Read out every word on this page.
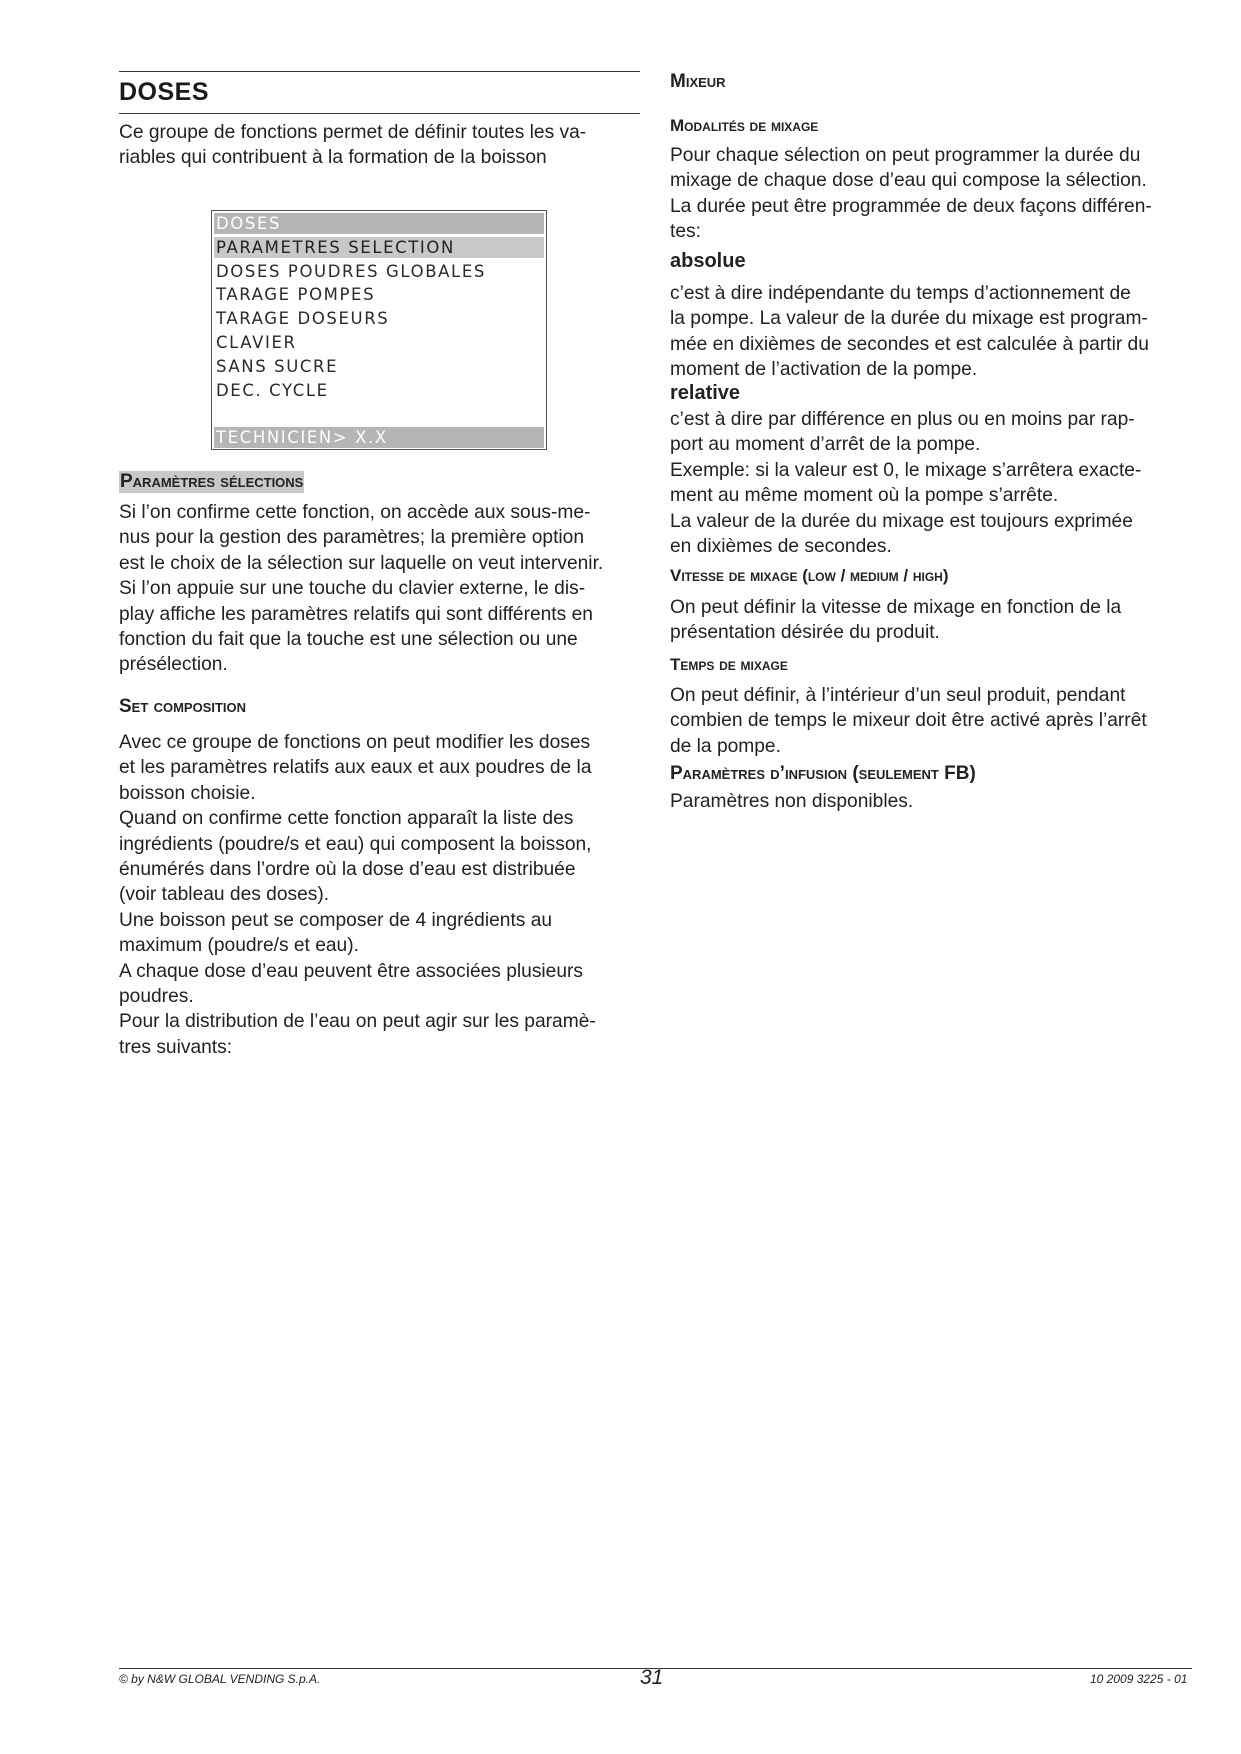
DOSES

Ce groupe de fonctions permet de définir toutes les va-
riables qui contribuent à la formation de la boisson

DOSES
PARAMETRES SELECTION
DOSES POUDRES GLOBALES
TARAGE POMPES
TARAGE DOSEURS
CLAVIER
SANS SUCRE
DEC. CYCLE
TECHNICIEN> X.X
Paramètres sélections

Si l’on confirme cette fonction, on accède aux sous-me-
nus pour la gestion des paramètres; la première option
est le choix de la sélection sur laquelle on veut intervenir.
Si l’on appuie sur une touche du clavier externe, le dis-
play affiche les paramètres relatifs qui sont différents en
fonction du fait que la touche est une sélection ou une
présélection.

Set composition

Avec ce groupe de fonctions on peut modifier les doses
et les paramètres relatifs aux eaux et aux poudres de la
boisson choisie.
Quand on confirme cette fonction apparaît la liste des
ingrédients (poudre/s et eau) qui composent la boisson,
énumérés dans l’ordre où la dose d’eau est distribuée
(voir tableau des doses).
Une boisson peut se composer de 4 ingrédients au
maximum (poudre/s et eau).
A chaque dose d’eau peuvent être associées plusieurs
poudres.
Pour la distribution de l’eau on peut agir sur les paramè-
tres suivants:

Mixeur
Modalités de mixage

Pour chaque sélection on peut programmer la durée du
mixage de chaque dose d’eau qui compose la sélection.
La durée peut être programmée de deux façons différen-
tes:

absolue

c’est à dire indépendante du temps d’actionnement de
la pompe. La valeur de la durée du mixage est program-
mée en dixièmes de secondes et est calculée à partir du
moment de l’activation de la pompe.

relative

c’est à dire par différence en plus ou en moins par rap-
port au moment d’arrêt de la pompe.
Exemple: si la valeur est 0, le mixage s’arrêtera exacte-
ment au même moment où la pompe s’arrête.
La valeur de la durée du mixage est toujours exprimée
en dixièmes de secondes.

Vitesse de mixage (low / medium / high)

On peut définir la vitesse de mixage en fonction de la
présentation désirée du produit.

Temps de mixage

On peut définir, à l’intérieur d’un seul produit, pendant
combien de temps le mixeur doit être activé après l’arrêt
de la pompe.

Paramètres d’infusion (seulement FB)

Paramètres non disponibles.

© by N&W GLOBAL VENDING S.p.A.	31	10 2009 3225 - 01
